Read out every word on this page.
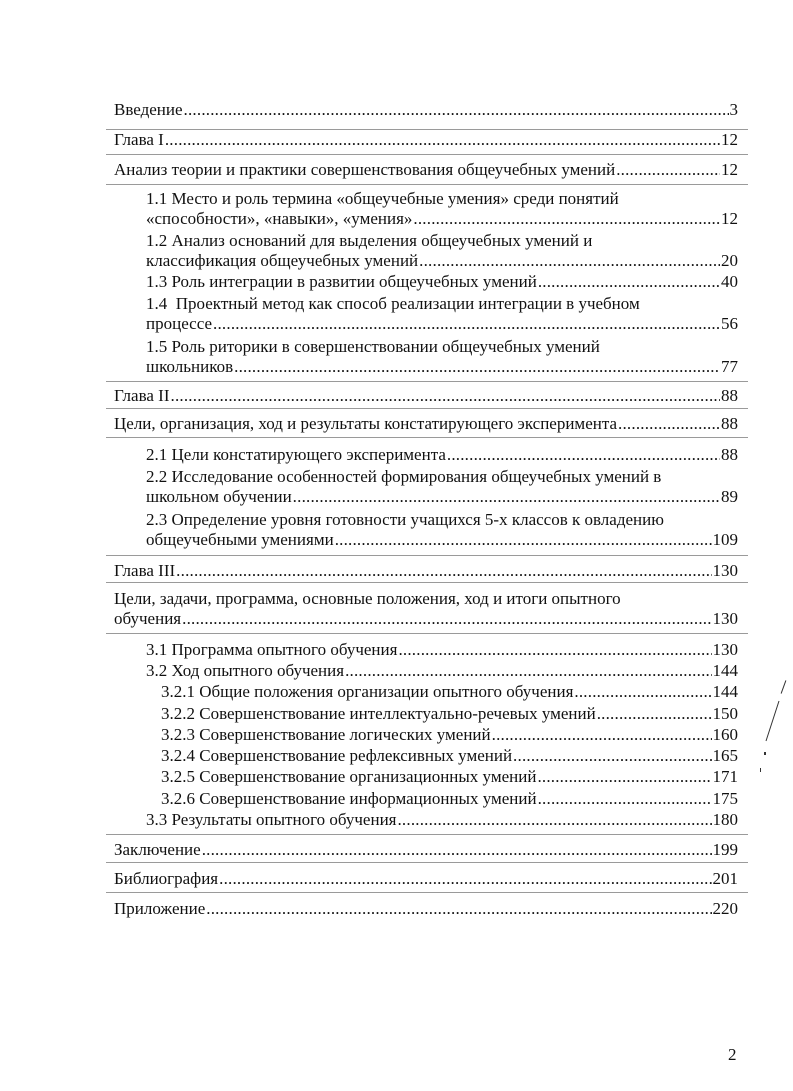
Введение .....	3
Глава I .....	12
Анализ теории и практики совершенствования общеучебных умений .....	12
1.1 Место и роль термина «общеучебные умения» среди понятий
«способности», «навыки», «умения» .....	12
1.2 Анализ оснований для выделения общеучебных умений и
классификация общеучебных умений .....	20
1.3 Роль интеграции в развитии общеучебных умений .....	40
1.4  Проектный метод как способ реализации интеграции в учебном
процессе .....	56
1.5 Роль риторики в совершенствовании общеучебных умений
школьников .....	77
Глава II .....	88
Цели, организация, ход и результаты констатирующего эксперимента .....	88
2.1 Цели констатирующего эксперимента .....	88
2.2 Исследование особенностей формирования общеучебных умений в
школьном обучении .....	89
2.3 Определение уровня готовности учащихся 5-х классов к овладению
общеучебными умениями .....	109
Глава III .....	130
Цели, задачи, программа, основные положения, ход и итоги опытного
обучения .....	130
3.1 Программа опытного обучения .....	130
3.2 Ход опытного обучения .....	144
3.2.1 Общие положения организации опытного обучения .....	144
3.2.2 Совершенствование интеллектуально-речевых умений .....	150
3.2.3 Совершенствование логических умений .....	160
3.2.4 Совершенствование рефлексивных умений .....	165
3.2.5 Совершенствование организационных умений .....	171
3.2.6 Совершенствование информационных умений .....	175
3.3 Результаты опытного обучения .....	180
Заключение .....	199
Библиография .....	201
Приложение .....	220
2
